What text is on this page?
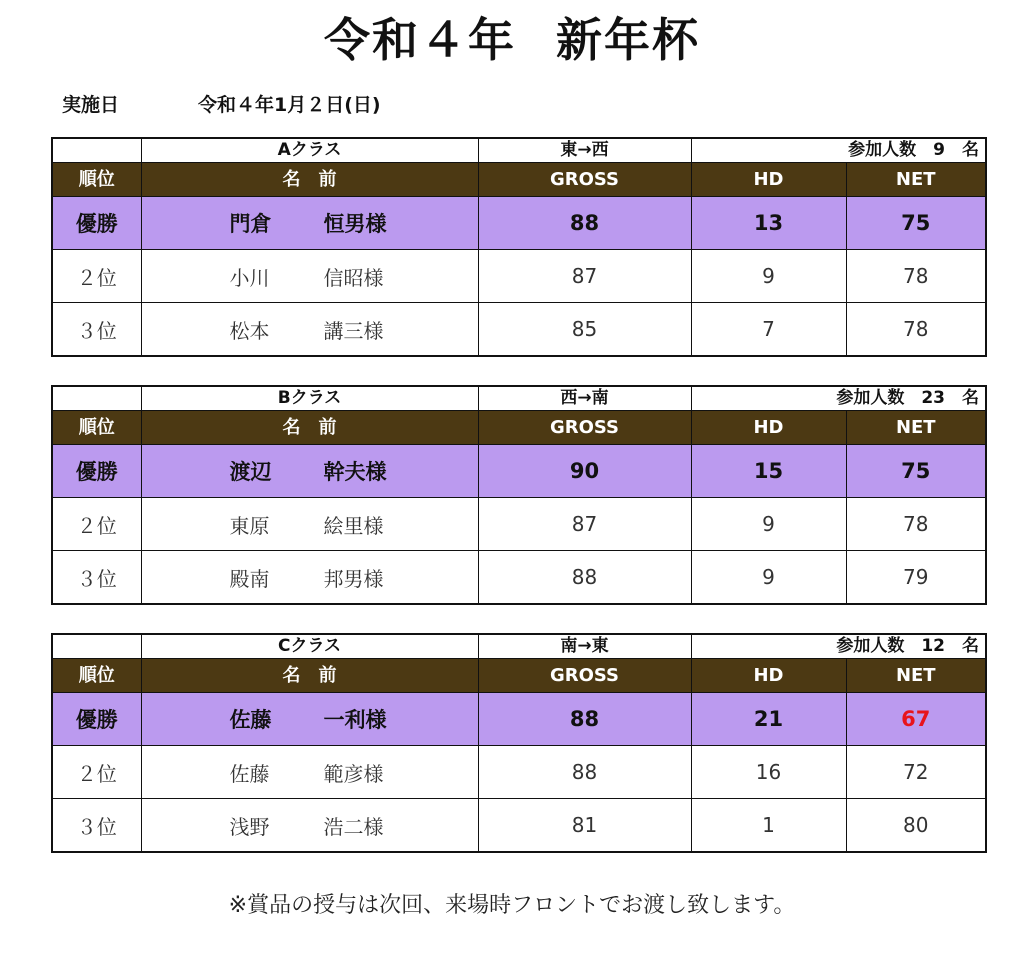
令和４年 新年杯
実施日	令和４年1月２日(日)
	Aクラス	東→西	参加人数　9　名	
順位	名　前	GROSS	HD	NET
優勝	門倉 恒男様	88	13	75
２位	小川 信昭様	87	9	78
３位	松本 講三様	85	7	78
	Bクラス	西→南	参加人数　23　名	
順位	名　前	GROSS	HD	NET
優勝	渡辺 幹夫様	90	15	75
２位	東原 絵里様	87	9	78
３位	殿南 邦男様	88	9	79
	Cクラス	南→東	参加人数　12　名	
順位	名　前	GROSS	HD	NET
優勝	佐藤 一利様	88	21	67
２位	佐藤 範彦様	88	16	72
３位	浅野 浩二様	81	1	80
※賞品の授与は次回、来場時フロントでお渡し致します。
